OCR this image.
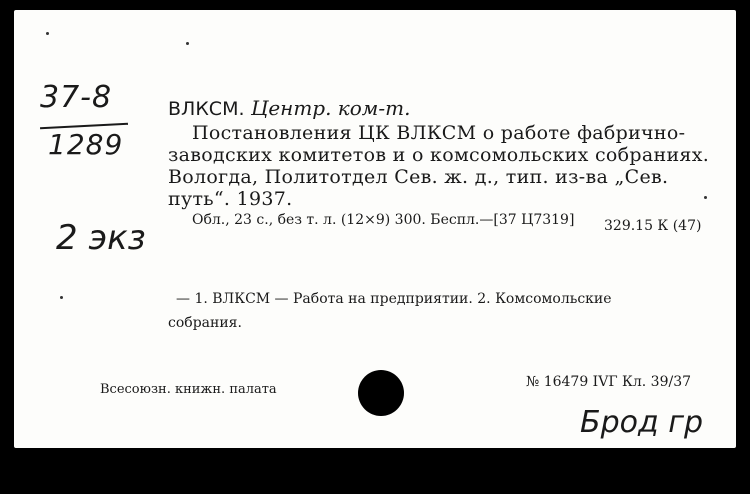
37-8
1289
2 экз
Брод гр
ВЛКСМ. Центр. ком-т.
Постановления ЦК ВЛКСМ о работе фабрично-
заводских комитетов и о комсомольских собраниях.
Вологда, Политотдел Сев. ж. д., тип. из-ва „Сев.
путь“. 1937.
Обл., 23 с., без т. л. (12×9) 300. Беспл.—[37 Ц7319] 329.15 К (47)
— 1. ВЛКСМ — Работа на предприятии. 2. Комсомольские
собрания.
Всесоюзн. книжн. палата	№ 16479 IVГ Кл. 39/37
